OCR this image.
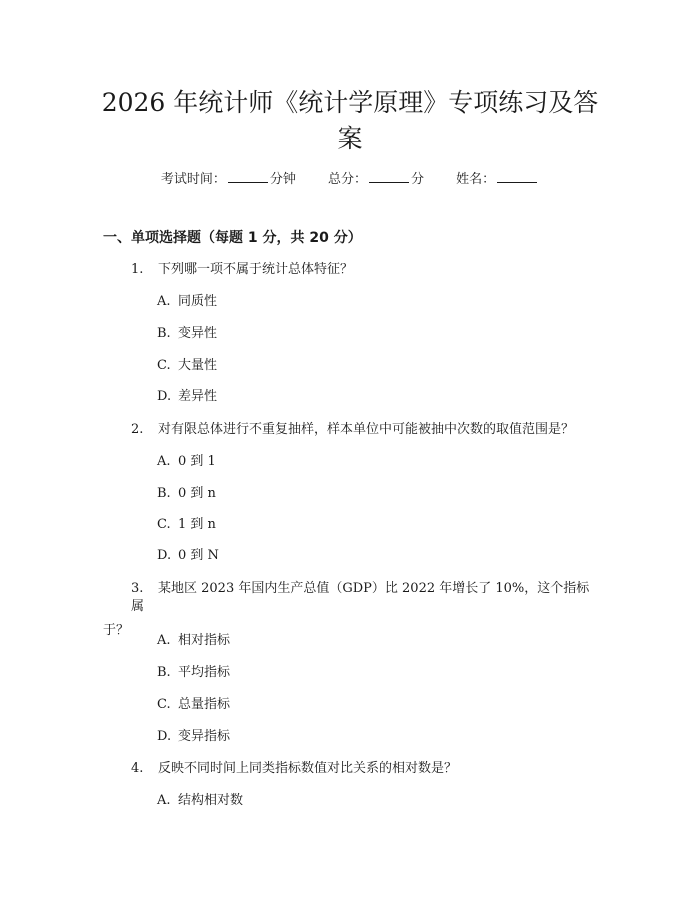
2026 年统计师《统计学原理》专项练习及答
案
考试时间：	分钟 总分：	分 姓名：
一、单项选择题（每题 1 分，共 20 分）
1. 下列哪一项不属于统计总体特征？
A. 同质性
B. 变异性
C. 大量性
D. 差异性
2. 对有限总体进行不重复抽样，样本单位中可能被抽中次数的取值范围是？
A. 0 到 1
B. 0 到 n
C. 1 到 n
D. 0 到 N
3. 某地区 2023 年国内生产总值（GDP）比 2022 年增长了 10%，这个指标属
于？
A. 相对指标
B. 平均指标
C. 总量指标
D. 变异指标
4. 反映不同时间上同类指标数值对比关系的相对数是？
A. 结构相对数
